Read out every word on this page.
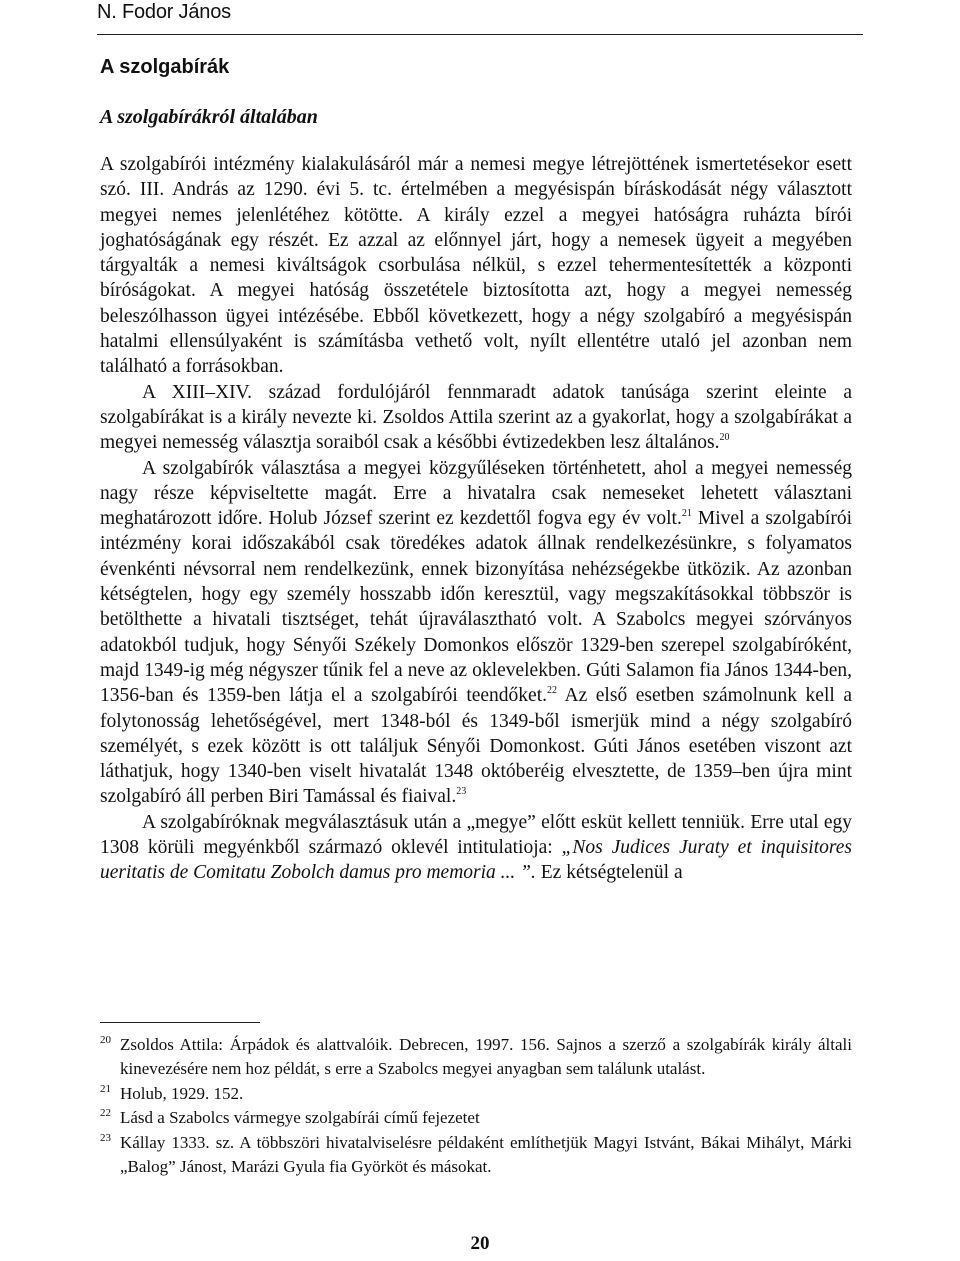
N. Fodor János
A szolgabírák
A szolgabírákról általában

A szolgabírói intézmény kialakulásáról már a nemesi megye létrejöttének ismertetésekor esett szó. III. András az 1290. évi 5. tc. értelmében a megyésispán bíráskodását négy választott megyei nemes jelenlétéhez kötötte. A király ezzel a megyei hatóságra ruházta bírói joghatóságának egy részét. Ez azzal az előnnyel járt, hogy a nemesek ügyeit a megyében tárgyalták a nemesi kiváltságok csorbulása nélkül, s ezzel tehermentesítették a központi bíróságokat. A megyei hatóság összetétele biztosította azt, hogy a megyei nemesség beleszólhasson ügyei intézésébe. Ebből következett, hogy a négy szolgabíró a megyésispán hatalmi ellensúlyaként is számításba vethető volt, nyílt ellentétre utaló jel azonban nem található a forrásokban.

A XIII–XIV. század fordulójáról fennmaradt adatok tanúsága szerint eleinte a szolgabírákat is a király nevezte ki. Zsoldos Attila szerint az a gyakorlat, hogy a szolgabírákat a megyei nemesség választja soraiból csak a későbbi évtizedekben lesz általános.$^{20}$

A szolgabírók választása a megyei közgyűléseken történhetett, ahol a megyei nemesség nagy része képviseltette magát. Erre a hivatalra csak nemeseket lehetett választani meghatározott időre. Holub József szerint ez kezdettől fogva egy év volt.$^{21}$ Mivel a szolgabírói intézmény korai időszakából csak töredékes adatok állnak rendelkezésünkre, s folyamatos évenkénti névsorral nem rendelkezünk, ennek bizonyítása nehézségekbe ütközik. Az azonban kétségtelen, hogy egy személy hosszabb időn keresztül, vagy megszakításokkal többször is betölthette a hivatali tisztséget, tehát újraválasztható volt. A Szabolcs megyei szórványos adatokból tudjuk, hogy Sényői Székely Domonkos először 1329-ben szerepel szolgabíróként, majd 1349-ig még négyszer tűnik fel a neve az oklevelekben. Gúti Salamon fia János 1344-ben, 1356-ban és 1359-ben látja el a szolgabírói teendőket.$^{22}$ Az első esetben számolnunk kell a folytonosság lehetőségével, mert 1348-ból és 1349-ből ismerjük mind a négy szolgabíró személyét, s ezek között is ott találjuk Sényői Domonkost. Gúti János esetében viszont azt láthatjuk, hogy 1340-ben viselt hivatalát 1348 októberéig elvesztette, de 1359–ben újra mint szolgabíró áll perben Biri Tamással és fiaival.$^{23}$

A szolgabíróknak megválasztásuk után a „megye” előtt esküt kellett tenniük. Erre utal egy 1308 körüli megyénkből származó oklevél intitulatioja: „Nos Judices Juraty et inquisitores ueritatis de Comitatu Zobolch damus pro memoria ... ”. Ez kétségtelenül a

20 Zsoldos Attila: Árpádok és alattvalóik. Debrecen, 1997. 156. Sajnos a szerző a szolgabírák király általi kinevezésére nem hoz példát, s erre a Szabolcs megyei anyagban sem találunk utalást.
21 Holub, 1929. 152.
22 Lásd a Szabolcs vármegye szolgabírái című fejezetet
23 Kállay 1333. sz. A többszöri hivatalviselésre példaként említhetjük Magyi Istvánt, Bákai Mihályt, Márki „Balog” Jánost, Marázi Gyula fia Györköt és másokat.
20
